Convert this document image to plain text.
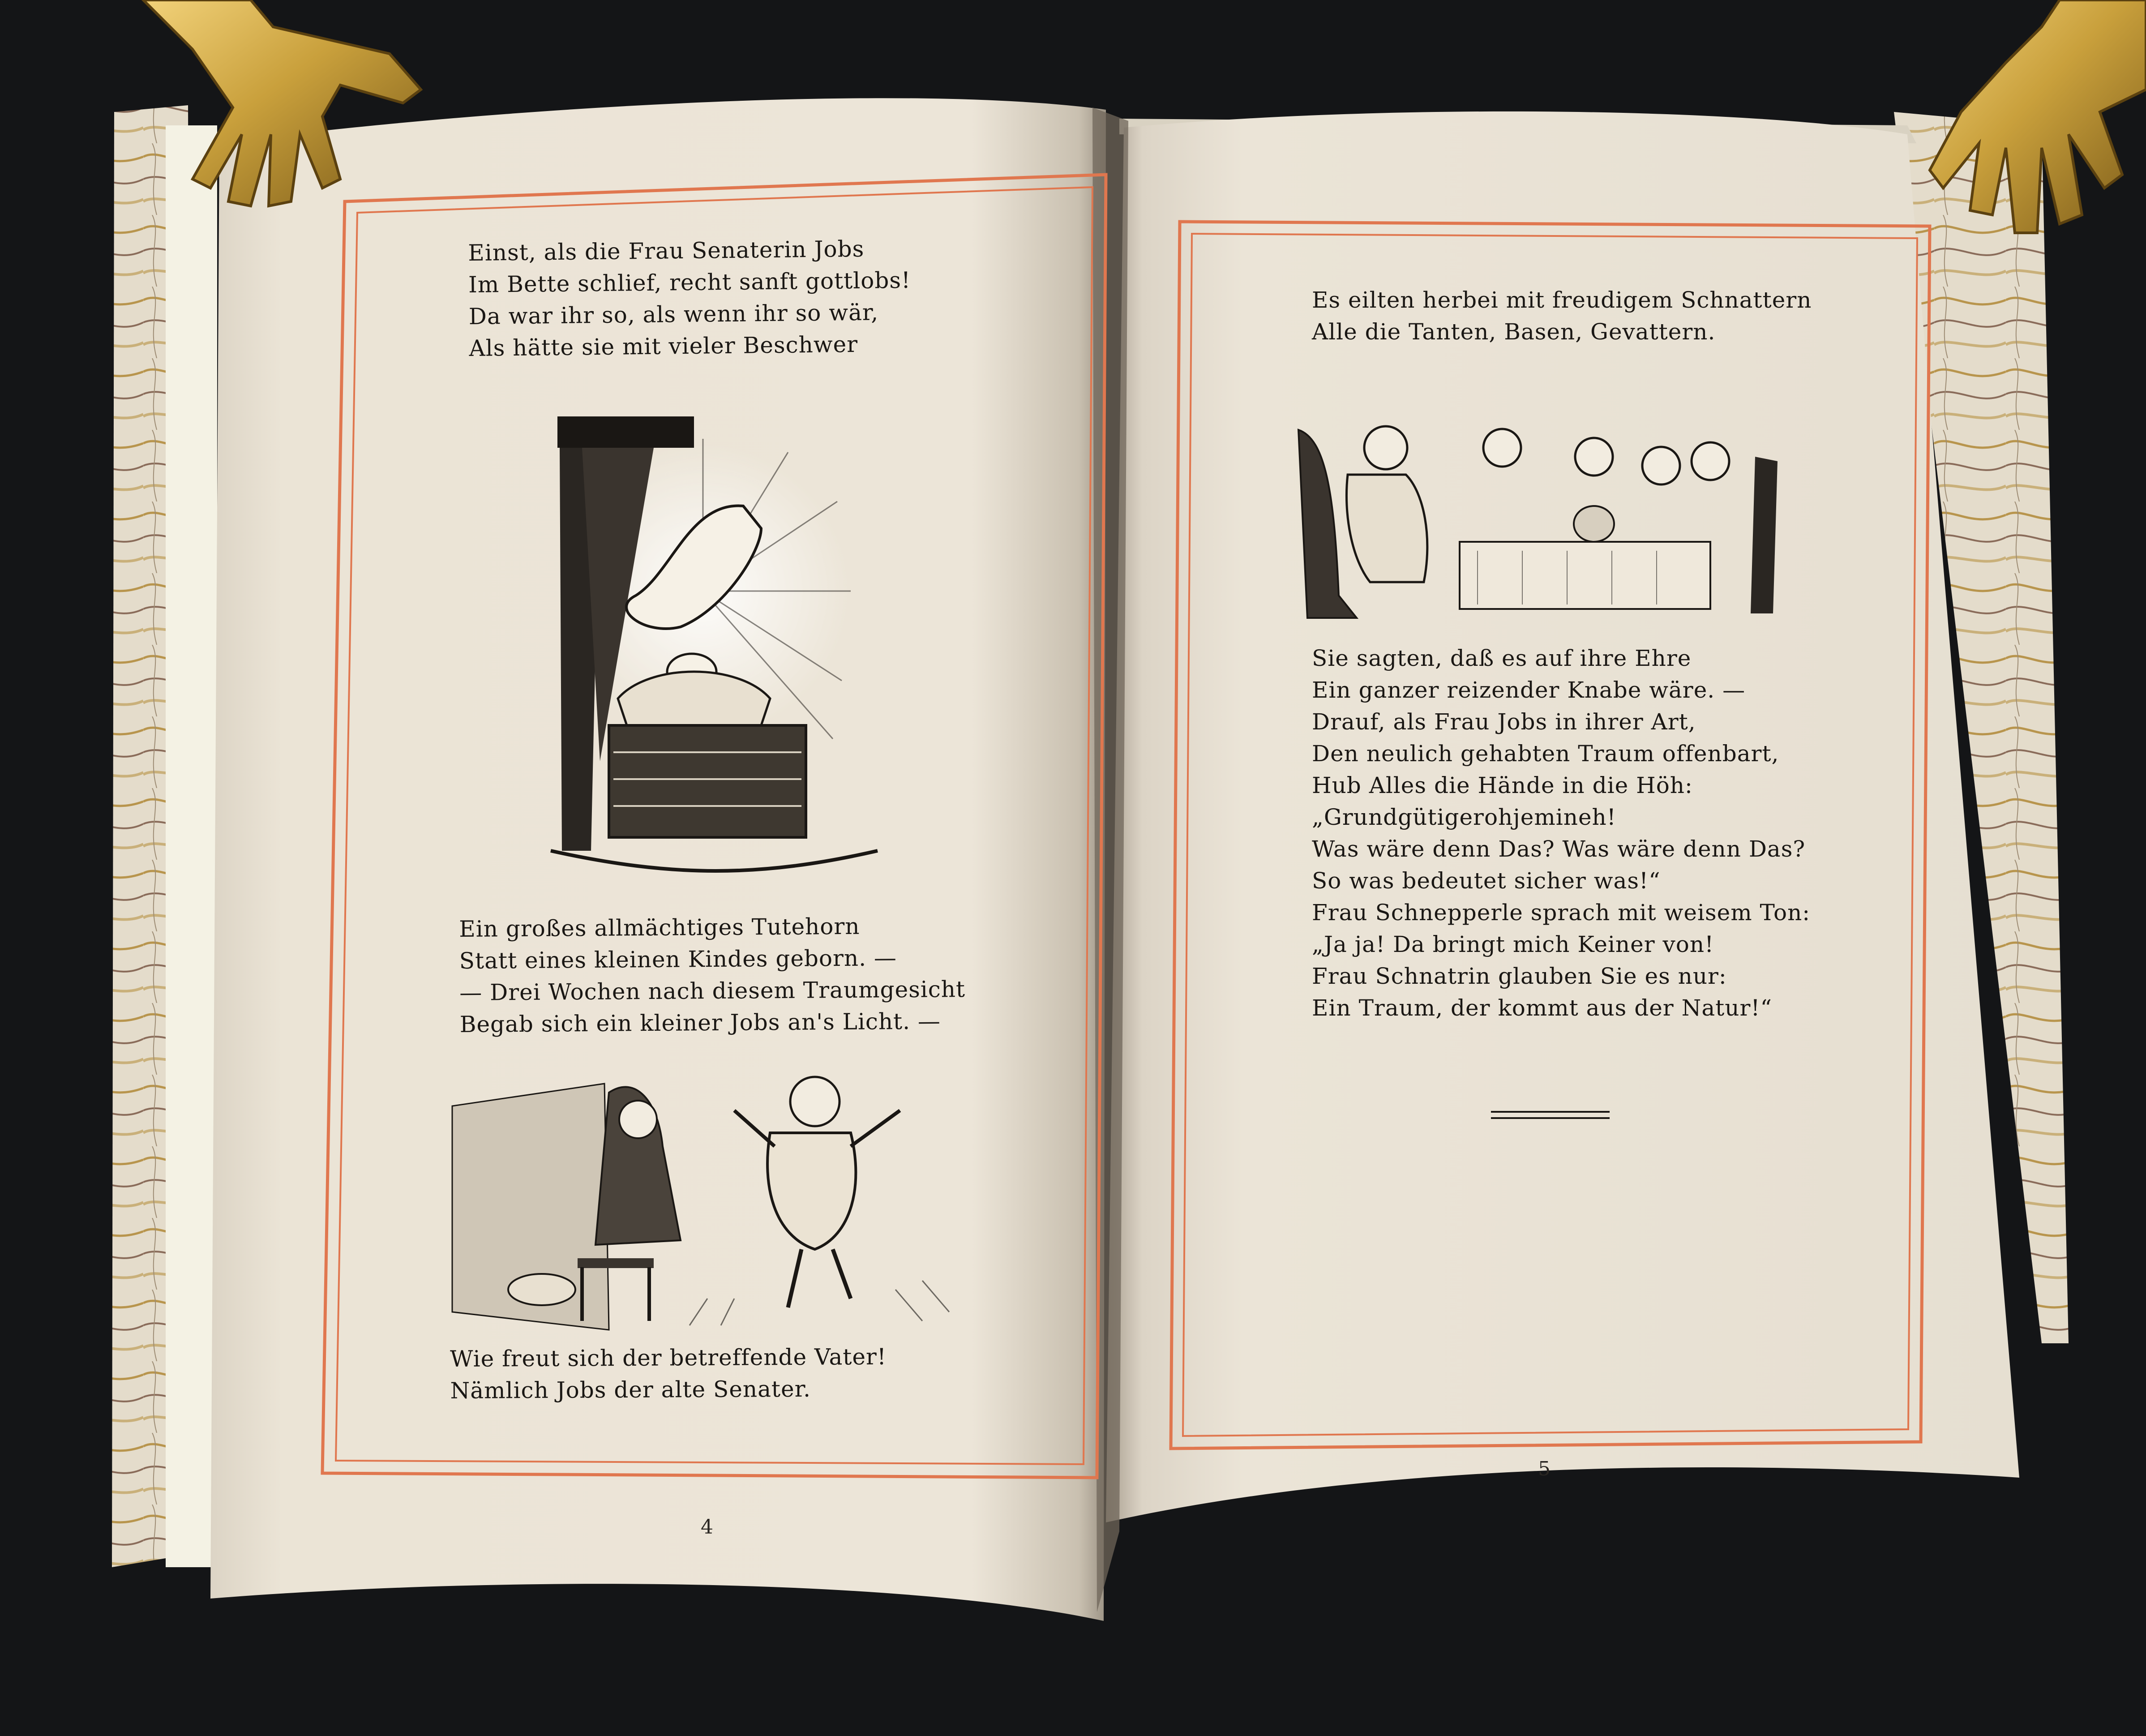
Einst, als die Frau Senaterin Jobs
Im Bette schlief, recht sanft gottlobs!
Da war ihr so, als wenn ihr so wär,
Als hätte sie mit vieler Beschwer
Ein großes allmächtiges Tutehorn
Statt eines kleinen Kindes geborn. —
— Drei Wochen nach diesem Traumgesicht
Begab sich ein kleiner Jobs an's Licht. —
Wie freut sich der betreffende Vater!
Nämlich Jobs der alte Senater.
4
Es eilten herbei mit freudigem Schnattern
Alle die Tanten, Basen, Gevattern.
Sie sagten, daß es auf ihre Ehre
Ein ganzer reizender Knabe wäre. —
Drauf, als Frau Jobs in ihrer Art,
Den neulich gehabten Traum offenbart,
Hub Alles die Hände in die Höh:
„Grundgütigerohjemineh!
Was wäre denn Das? Was wäre denn Das?
So was bedeutet sicher was!“
Frau Schnepperle sprach mit weisem Ton:
„Ja ja! Da bringt mich Keiner von!
Frau Schnatrin glauben Sie es nur:
Ein Traum, der kommt aus der Natur!“
5
